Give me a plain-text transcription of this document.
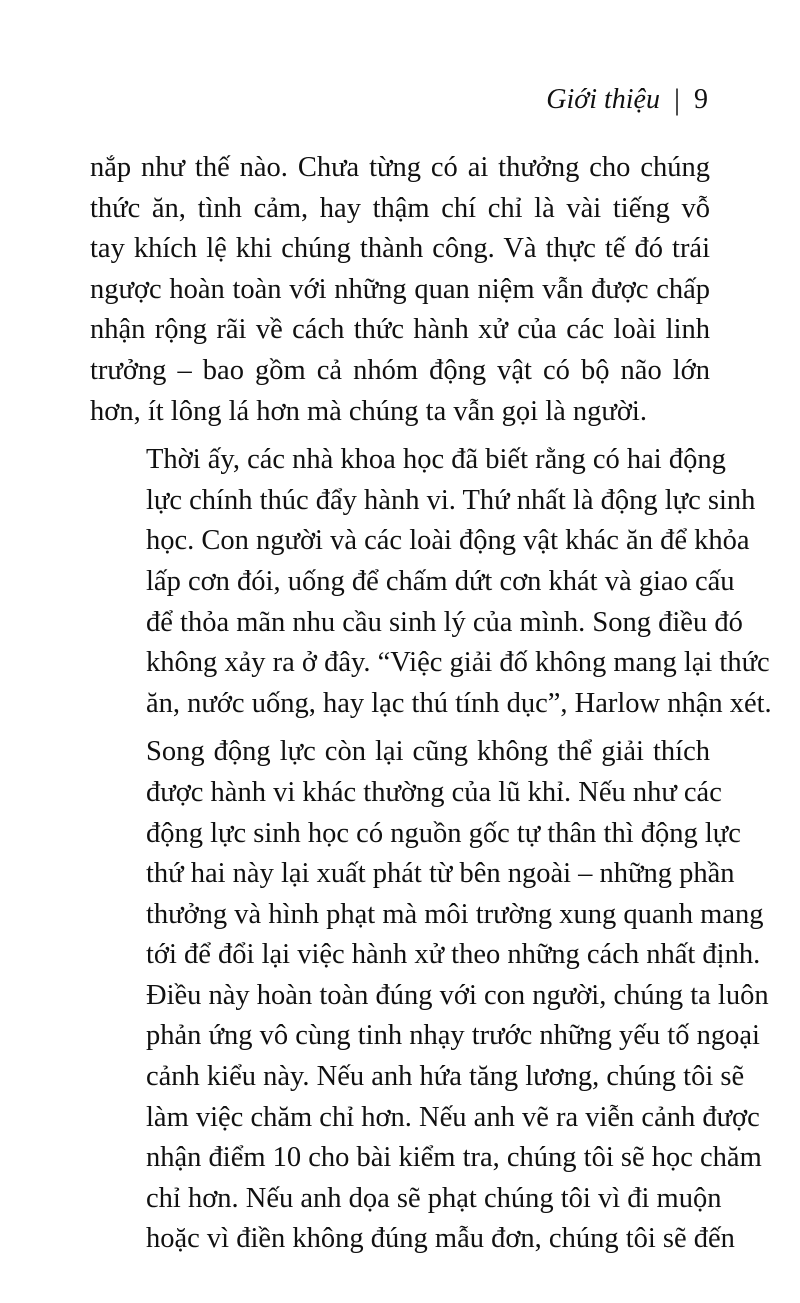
Giới thiệu | 9

nắp như thế nào. Chưa từng có ai thưởng cho chúng
thức ăn, tình cảm, hay thậm chí chỉ là vài tiếng vỗ
tay khích lệ khi chúng thành công. Và thực tế đó trái
ngược hoàn toàn với những quan niệm vẫn được chấp
nhận rộng rãi về cách thức hành xử của các loài linh
trưởng – bao gồm cả nhóm động vật có bộ não lớn
hơn, ít lông lá hơn mà chúng ta vẫn gọi là người.

Thời ấy, các nhà khoa học đã biết rằng có hai động
lực chính thúc đẩy hành vi. Thứ nhất là động lực sinh
học. Con người và các loài động vật khác ăn để khỏa
lấp cơn đói, uống để chấm dứt cơn khát và giao cấu
để thỏa mãn nhu cầu sinh lý của mình. Song điều đó
không xảy ra ở đây. “Việc giải đố không mang lại thức
ăn, nước uống, hay lạc thú tính dục”, Harlow nhận xét.

Song động lực còn lại cũng không thể giải thích
được hành vi khác thường của lũ khỉ. Nếu như các
động lực sinh học có nguồn gốc tự thân thì động lực
thứ hai này lại xuất phát từ bên ngoài – những phần
thưởng và hình phạt mà môi trường xung quanh mang
tới để đổi lại việc hành xử theo những cách nhất định.
Điều này hoàn toàn đúng với con người, chúng ta luôn
phản ứng vô cùng tinh nhạy trước những yếu tố ngoại
cảnh kiểu này. Nếu anh hứa tăng lương, chúng tôi sẽ
làm việc chăm chỉ hơn. Nếu anh vẽ ra viễn cảnh được
nhận điểm 10 cho bài kiểm tra, chúng tôi sẽ học chăm
chỉ hơn. Nếu anh dọa sẽ phạt chúng tôi vì đi muộn
hoặc vì điền không đúng mẫu đơn, chúng tôi sẽ đến
